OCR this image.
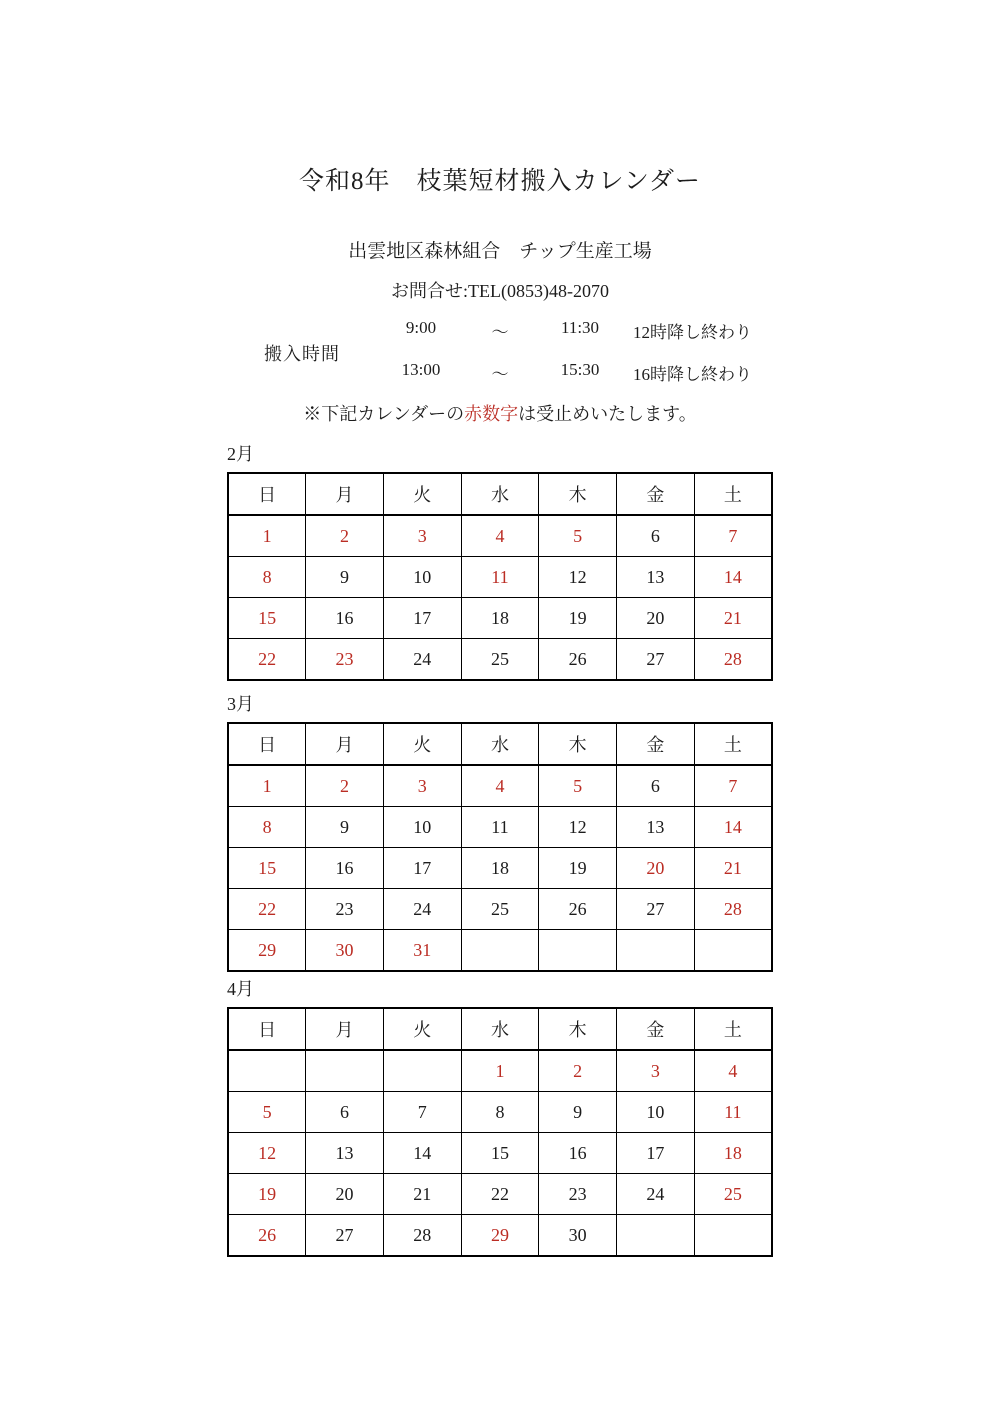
令和8年　枝葉短材搬入カレンダー
出雲地区森林組合　チップ生産工場
お問合せ:TEL(0853)48-2070
搬入時間
9:00	～	11:30	12時降し終わり
13:00	～	15:30	16時降し終わり
※下記カレンダーの赤数字は受止めいたします。
2月
日	月	火	水	木	金	土
1	2	3	4	5	6	7
8	9	10	11	12	13	14
15	16	17	18	19	20	21
22	23	24	25	26	27	28
3月
日	月	火	水	木	金	土
1	2	3	4	5	6	7
8	9	10	11	12	13	14
15	16	17	18	19	20	21
22	23	24	25	26	27	28
29	30	31				
4月
日	月	火	水	木	金	土
			1	2	3	4
5	6	7	8	9	10	11
12	13	14	15	16	17	18
19	20	21	22	23	24	25
26	27	28	29	30		
